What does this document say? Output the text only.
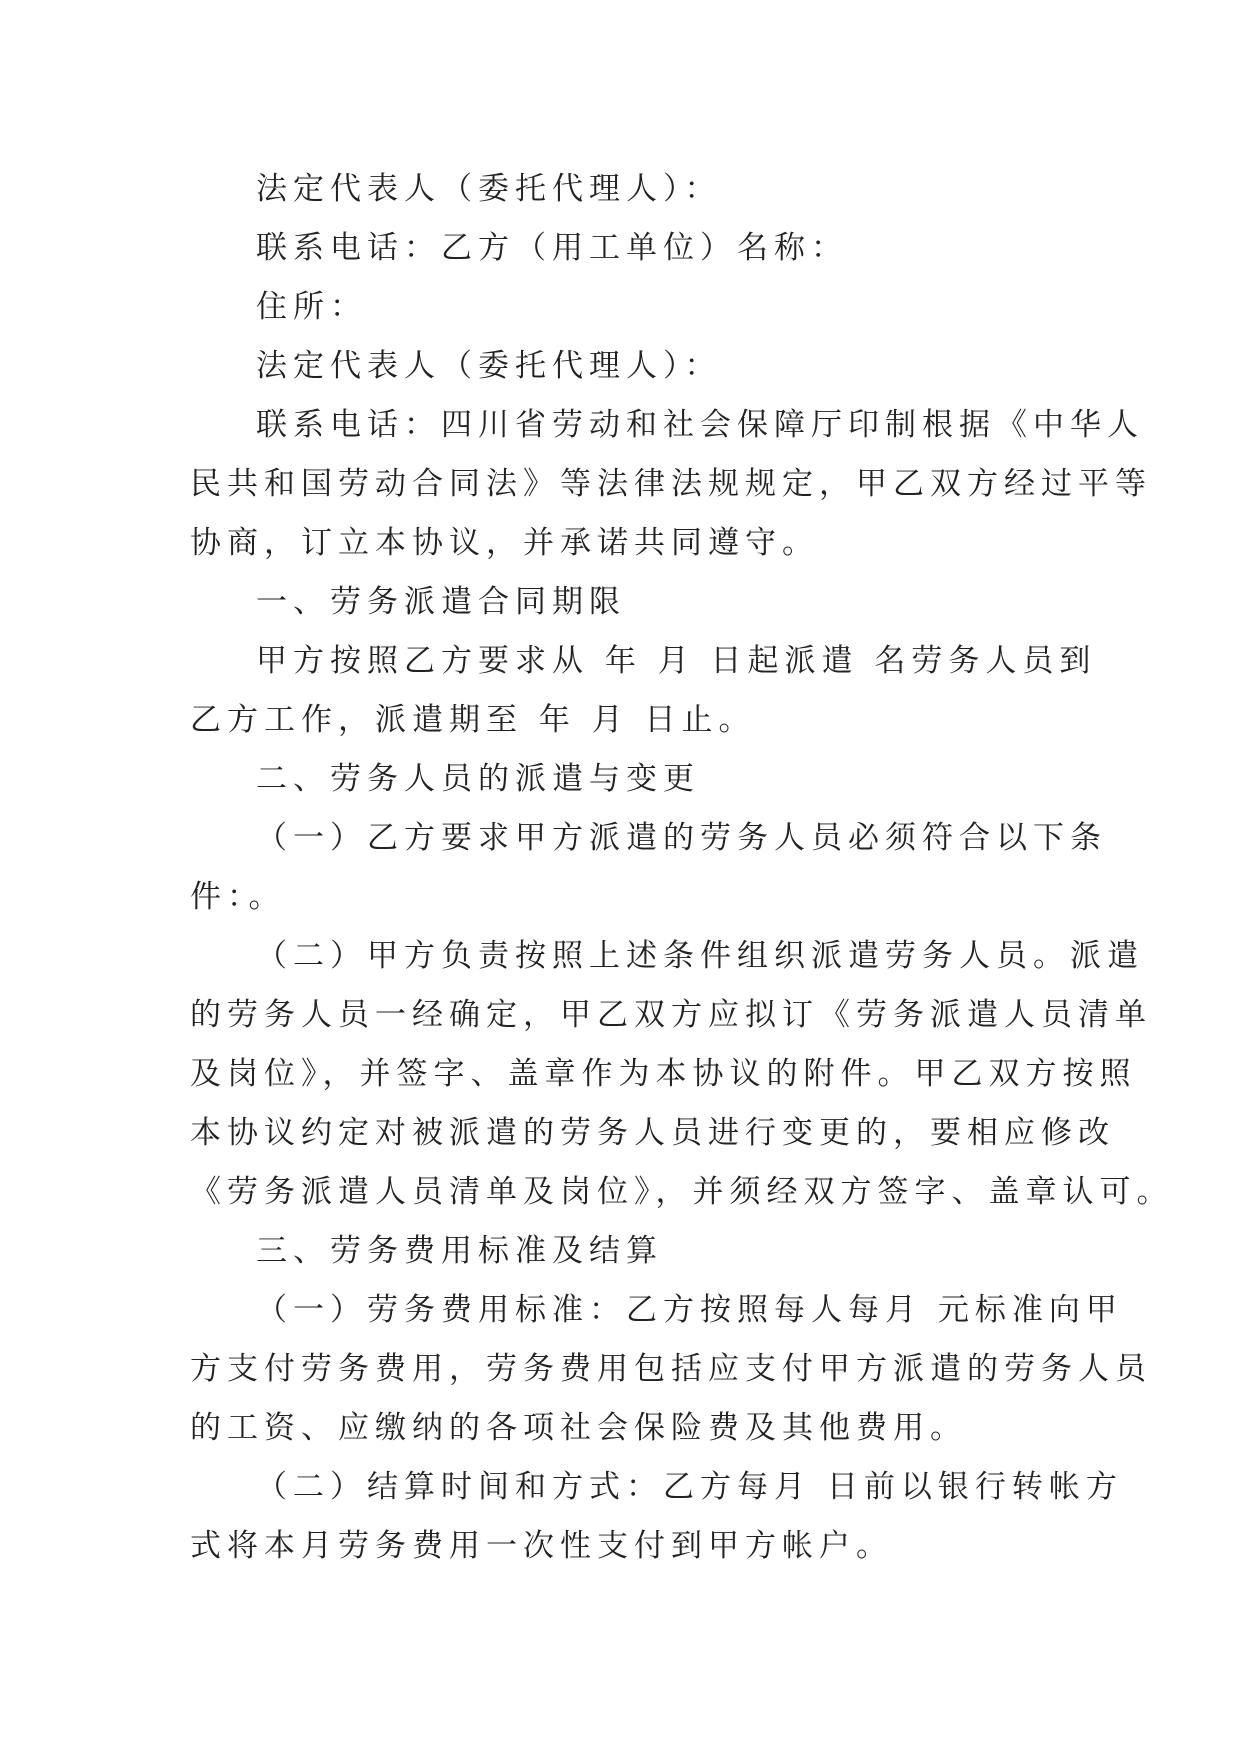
法定代表人（委托代理人）：
联系电话：乙方（用工单位）名称：
住所：
法定代表人（委托代理人）：
联系电话：四川省劳动和社会保障厅印制根据《中华人
民共和国劳动合同法》等法律法规规定，甲乙双方经过平等
协商，订立本协议，并承诺共同遵守。
一、劳务派遣合同期限
甲方按照乙方要求从 年 月 日起派遣 名劳务人员到
乙方工作，派遣期至 年 月 日止。
二、劳务人员的派遣与变更
（一）乙方要求甲方派遣的劳务人员必须符合以下条
件：。
（二）甲方负责按照上述条件组织派遣劳务人员。派遣
的劳务人员一经确定，甲乙双方应拟订《劳务派遣人员清单
及岗位》，并签字、盖章作为本协议的附件。甲乙双方按照
本协议约定对被派遣的劳务人员进行变更的，要相应修改
《劳务派遣人员清单及岗位》，并须经双方签字、盖章认可。
三、劳务费用标准及结算
（一）劳务费用标准：乙方按照每人每月 元标准向甲
方支付劳务费用，劳务费用包括应支付甲方派遣的劳务人员
的工资、应缴纳的各项社会保险费及其他费用。
（二）结算时间和方式：乙方每月 日前以银行转帐方
式将本月劳务费用一次性支付到甲方帐户。
